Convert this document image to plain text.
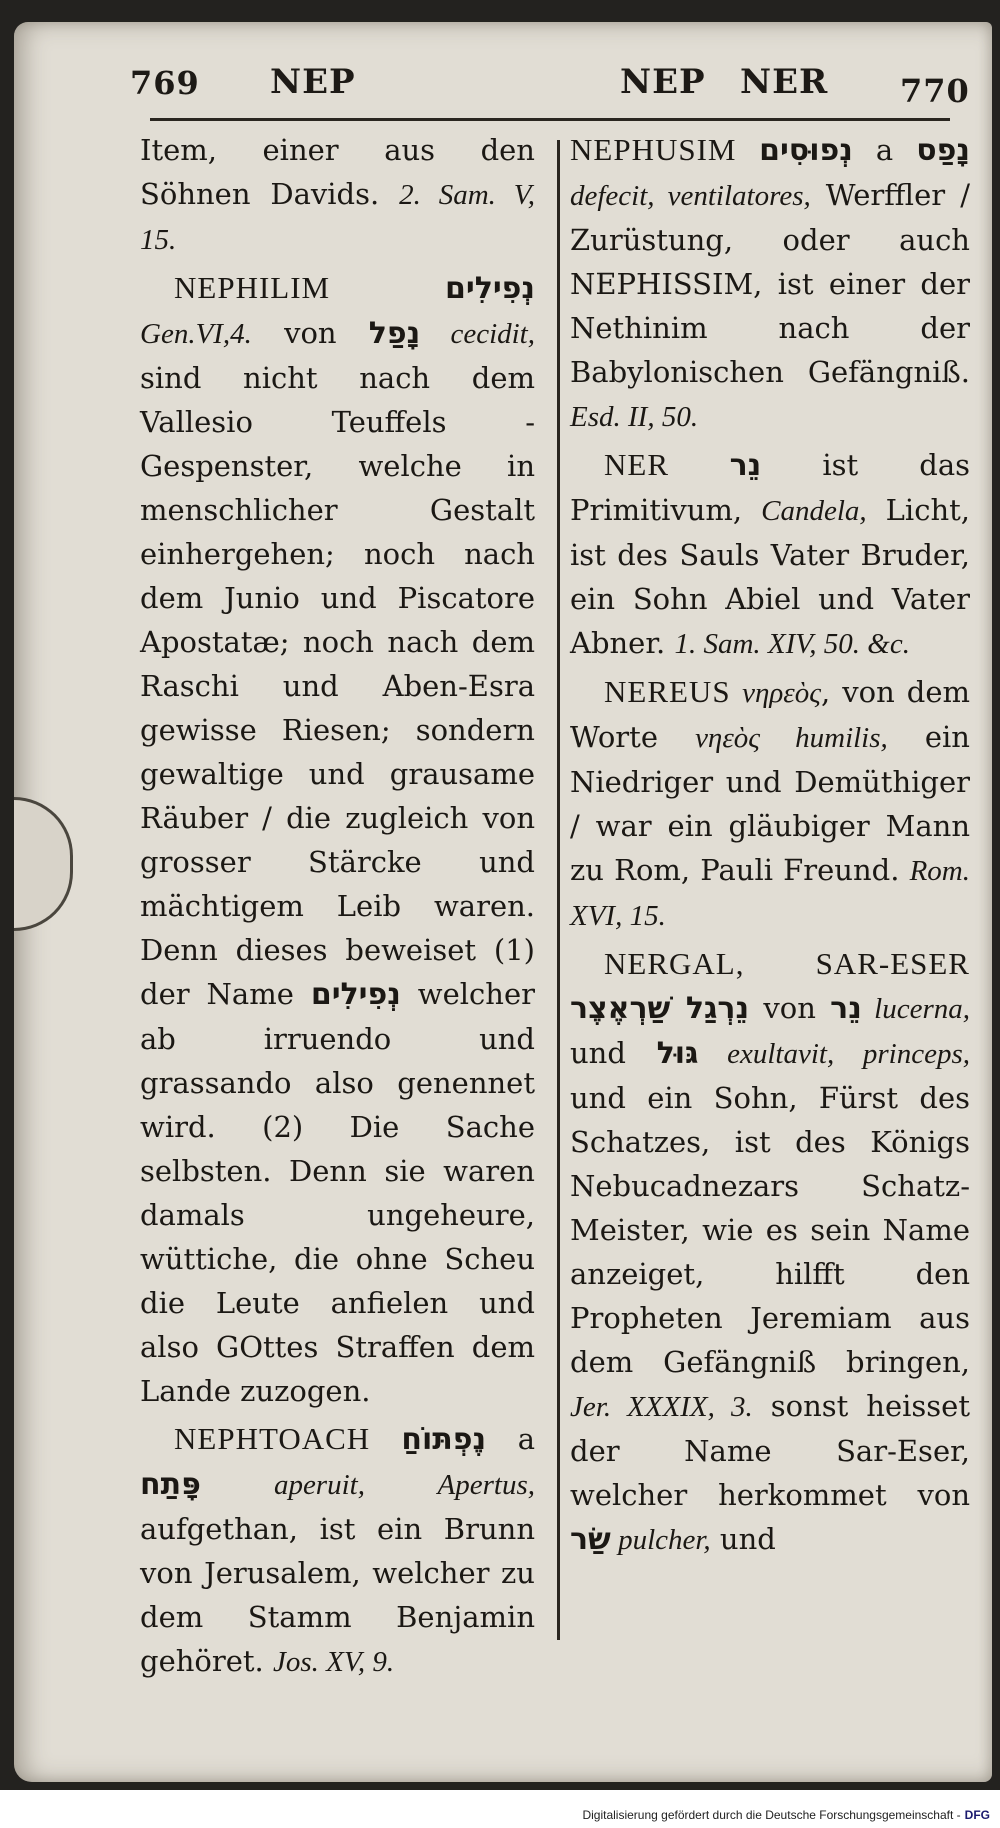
769 NEP	NEP NER 770

Item, einer aus den Söhnen Davids. 2. Sam. V, 15.

NEPHILIM נְפִילִים Gen.VI,4. von נָפַל cecidit, sind nicht nach dem Vallesio Teuffels - Gespenster, welche in menschlicher Gestalt einhergehen; noch nach dem Junio und Piscatore Apostatæ; noch nach dem Raschi und Aben-Esra gewisse Riesen; sondern gewaltige und grausame Räuber / die zugleich von grosser Stärcke und mächtigem Leib waren. Denn dieses beweiset (1) der Name נְפִילִים welcher ab irruendo und grassando also genennet wird. (2) Die Sache selbsten. Denn sie waren damals ungeheure, wüttiche, die ohne Scheu die Leute anfielen und also GOttes Straffen dem Lande zuzogen.

NEPHTOACH נֶפְתּוֹחַ a פָּתַח aperuit, Apertus, aufgethan, ist ein Brunn von Jerusalem, welcher zu dem Stamm Benjamin gehöret. Jos. XV, 9.

NEPHUSIM נְפוּסִים a נָפַס defecit, ventilatores, Werffler / Zurüstung, oder auch NEPHISSIM, ist einer der Nethinim nach der Babylonischen Gefängniß. Esd. II, 50.

NER נֵר ist das Primitivum, Candela, Licht, ist des Sauls Vater Bruder, ein Sohn Abiel und Vater Abner. 1. Sam. XIV, 50. &c.

NEREUS νηρεὸς, von dem Worte νηεὸς humilis, ein Niedriger und Demüthiger / war ein gläubiger Mann zu Rom, Pauli Freund. Rom. XVI, 15.

NERGAL, SAR-ESER נֵרְגַל שַׁרְאֶצֶר von נֵר lucerna, und גּוּל exultavit, princeps, und ein Sohn, Fürst des Schatzes, ist des Königs Nebucadnezars Schatz-Meister, wie es sein Name anzeiget, hilfft den Propheten Jeremiam aus dem Gefängniß bringen, Jer. XXXIX, 3. sonst heisset der Name Sar-Eser, welcher herkommet von שַׂר pulcher, und

Digitalisierung gefördert durch die Deutsche Forschungsgemeinschaft - DFG
